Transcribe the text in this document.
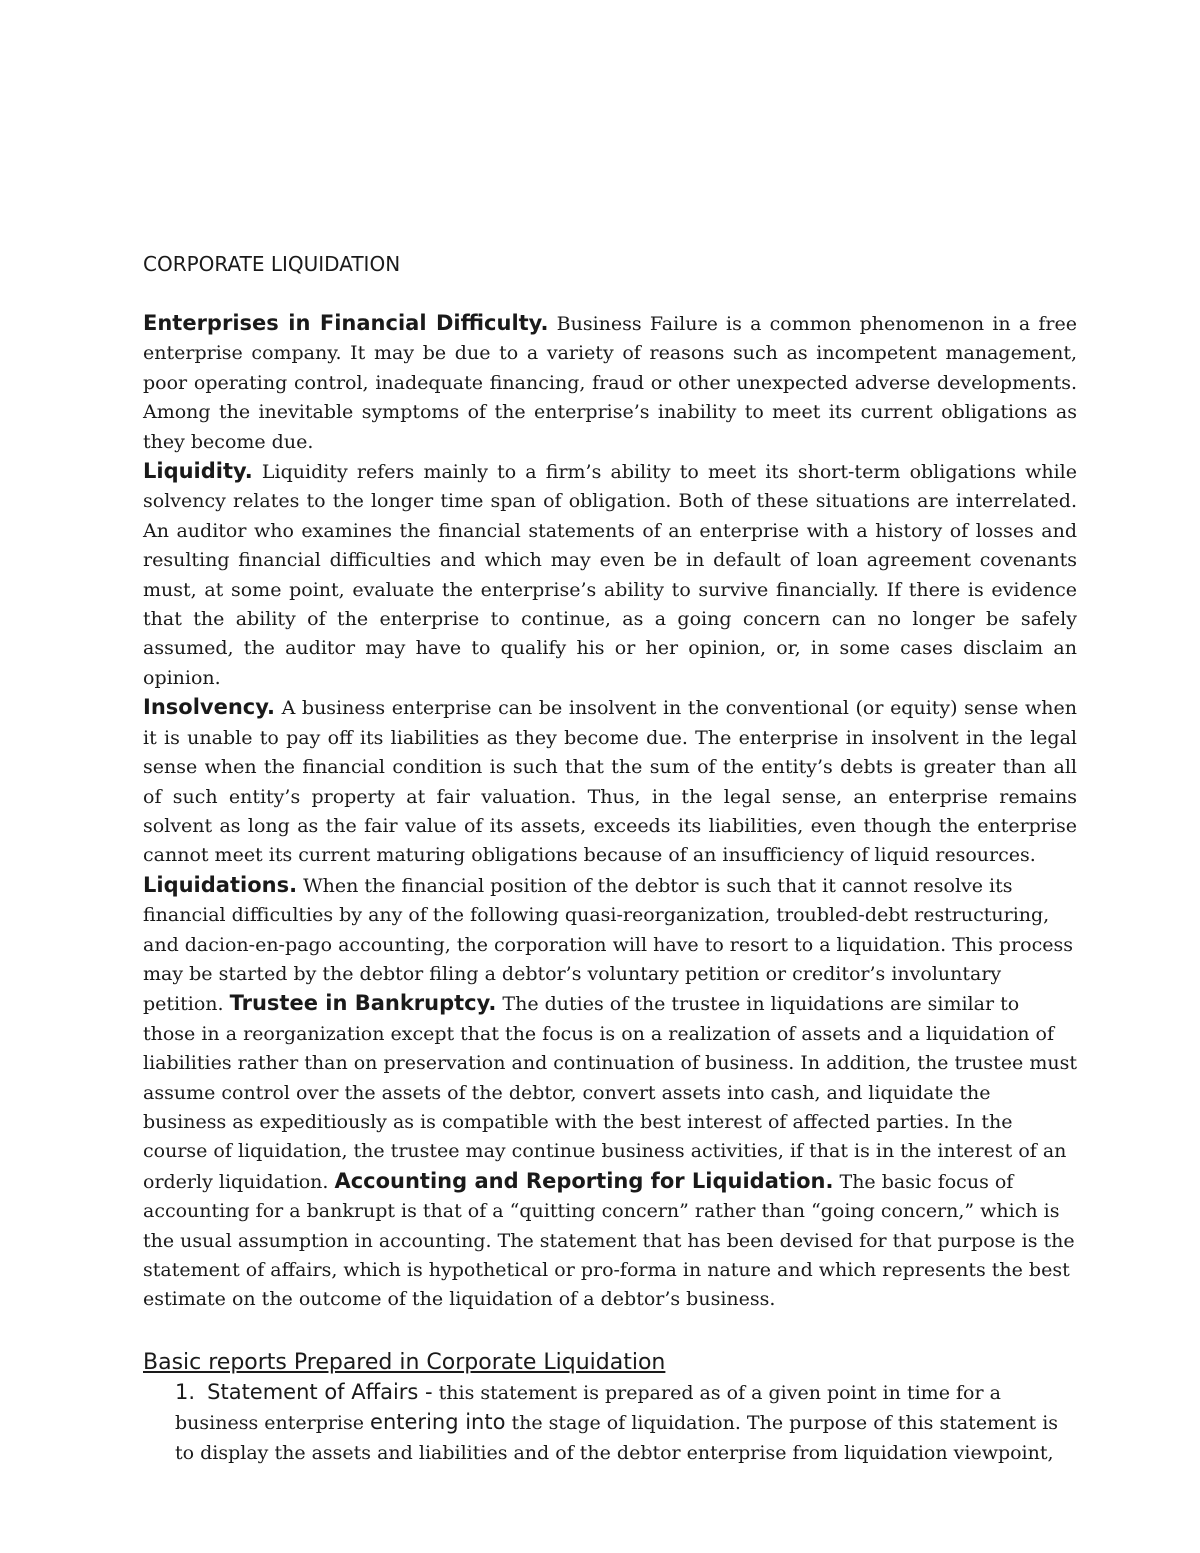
CORPORATE LIQUIDATION

Enterprises in Financial Difficulty. Business Failure is a common phenomenon in a free enterprise company. It may be due to a variety of reasons such as incompetent management, poor operating control, inadequate financing, fraud or other unexpected adverse developments. Among the inevitable symptoms of the enterprise’s inability to meet its current obligations as they become due.

Liquidity. Liquidity refers mainly to a firm’s ability to meet its short-term obligations while solvency relates to the longer time span of obligation. Both of these situations are interrelated. An auditor who examines the financial statements of an enterprise with a history of losses and resulting financial difficulties and which may even be in default of loan agreement covenants must, at some point, evaluate the enterprise’s ability to survive financially. If there is evidence that the ability of the enterprise to continue, as a going concern can no longer be safely assumed, the auditor may have to qualify his or her opinion, or, in some cases disclaim an opinion.

Insolvency. A business enterprise can be insolvent in the conventional (or equity) sense when it is unable to pay off its liabilities as they become due. The enterprise in insolvent in the legal sense when the financial condition is such that the sum of the entity’s debts is greater than all of such entity’s property at fair valuation. Thus, in the legal sense, an enterprise remains solvent as long as the fair value of its assets, exceeds its liabilities, even though the enterprise cannot meet its current maturing obligations because of an insufficiency of liquid resources.

Liquidations. When the financial position of the debtor is such that it cannot resolve its financial difficulties by any of the following quasi-reorganization, troubled-debt restructuring, and dacion-en-pago accounting, the corporation will have to resort to a liquidation. This process may be started by the debtor filing a debtor’s voluntary petition or creditor’s involuntary petition. Trustee in Bankruptcy. The duties of the trustee in liquidations are similar to those in a reorganization except that the focus is on a realization of assets and a liquidation of liabilities rather than on preservation and continuation of business. In addition, the trustee must assume control over the assets of the debtor, convert assets into cash, and liquidate the business as expeditiously as is compatible with the best interest of affected parties. In the course of liquidation, the trustee may continue business activities, if that is in the interest of an orderly liquidation. Accounting and Reporting for Liquidation. The basic focus of accounting for a bankrupt is that of a “quitting concern” rather than “going concern,” which is the usual assumption in accounting. The statement that has been devised for that purpose is the statement of affairs, which is hypothetical or pro-forma in nature and which represents the best estimate on the outcome of the liquidation of a debtor’s business.

Basic reports Prepared in Corporate Liquidation
1. Statement of Affairs - this statement is prepared as of a given point in time for a business enterprise entering into the stage of liquidation. The purpose of this statement is to display the assets and liabilities and of the debtor enterprise from liquidation viewpoint,
